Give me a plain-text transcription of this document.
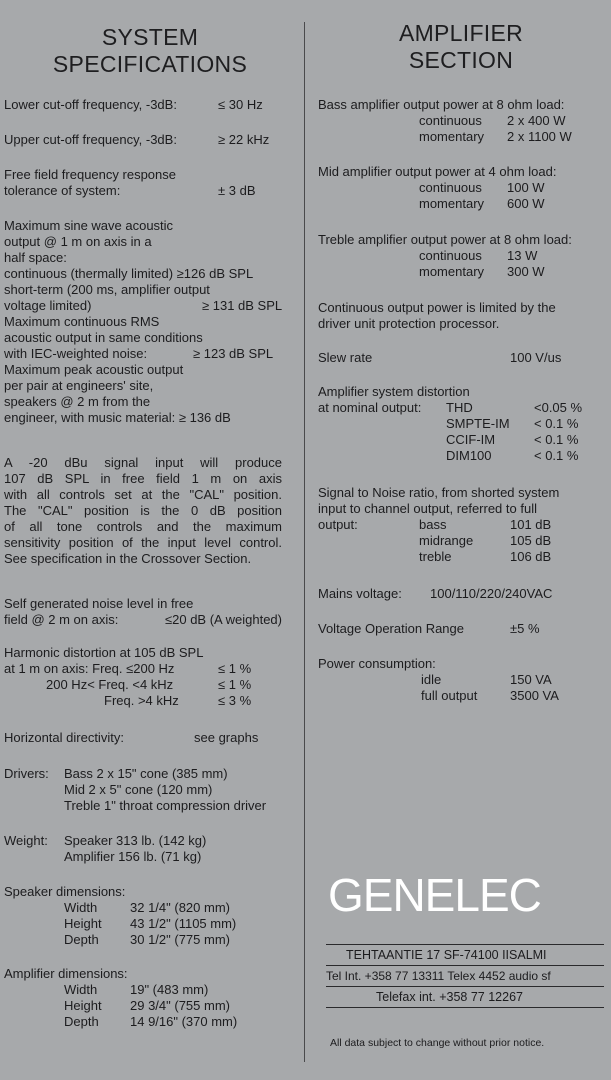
SYSTEM
SPECIFICATIONS
Lower cut-off frequency, -3dB:	≤ 30 Hz
Upper cut-off frequency, -3dB:	≥ 22 kHz
Free field frequency response
tolerance of system:	± 3 dB
Maximum sine wave acoustic
output @ 1 m on axis in a
half space:
continuous (thermally limited) ≥126 dB SPL
short-term (200 ms, amplifier output
voltage limited)	≥ 131 dB SPL
Maximum continuous RMS
acoustic output in same conditions
with IEC-weighted noise:	≥ 123 dB SPL
Maximum peak acoustic output
per pair at engineers' site,
speakers @ 2 m from the
engineer, with music material: ≥ 136 dB
A -20 dBu signal input will produce
107 dB SPL in free field 1 m on axis
with all controls set at the "CAL" position.
The "CAL" position is the 0 dB position
of all tone controls and the maximum
sensitivity position of the input level control.
See specification in the Crossover Section.
Self generated noise level in free
field @ 2 m on axis:	≤20 dB (A weighted)
Harmonic distortion at 105 dB SPL
at 1 m on axis: Freq. ≤200 Hz	≤ 1 %
200 Hz< Freq. <4 kHz	≤ 1 %
Freq. >4 kHz	≤ 3 %
Horizontal directivity:	see graphs
Drivers: Bass 2 x 15" cone (385 mm)
Mid 2 x 5" cone (120 mm)
Treble 1" throat compression driver
Weight: Speaker 313 lb. (142 kg)
Amplifier 156 lb. (71 kg)
Speaker dimensions:
Width	32 1/4" (820 mm)
Height 43 1/2" (1105 mm)
Depth 30 1/2" (775 mm)
Amplifier dimensions:
Width	19" (483 mm)
Height 29 3/4" (755 mm)
Depth 14 9/16" (370 mm)
AMPLIFIER
SECTION
Bass amplifier output power at 8 ohm load:
continuous 2 x 400 W
momentary 2 x 1100 W
Mid amplifier output power at 4 ohm load:
continuous 100 W
momentary 600 W
Treble amplifier output power at 8 ohm load:
continuous 13 W
momentary 300 W
Continuous output power is limited by the
driver unit protection processor.
Slew rate	100 V/us
Amplifier system distortion
at nominal output: THD	<0.05 %
SMPTE-IM < 0.1 %
CCIF-IM	< 0.1 %
DIM100	< 0.1 %
Signal to Noise ratio, from shorted system
input to channel output, referred to full
output:	bass	101 dB
midrange	105 dB
treble	106 dB
Mains voltage: 100/110/220/240VAC
Voltage Operation Range	±5 %
Power consumption:
idle	150 VA
full output	3500 VA
GENELEC
TEHTAANTIE 17 SF-74100 IISALMI
Tel Int. +358 77 13311 Telex 4452 audio sf
Telefax int. +358 77 12267
All data subject to change without prior notice.
